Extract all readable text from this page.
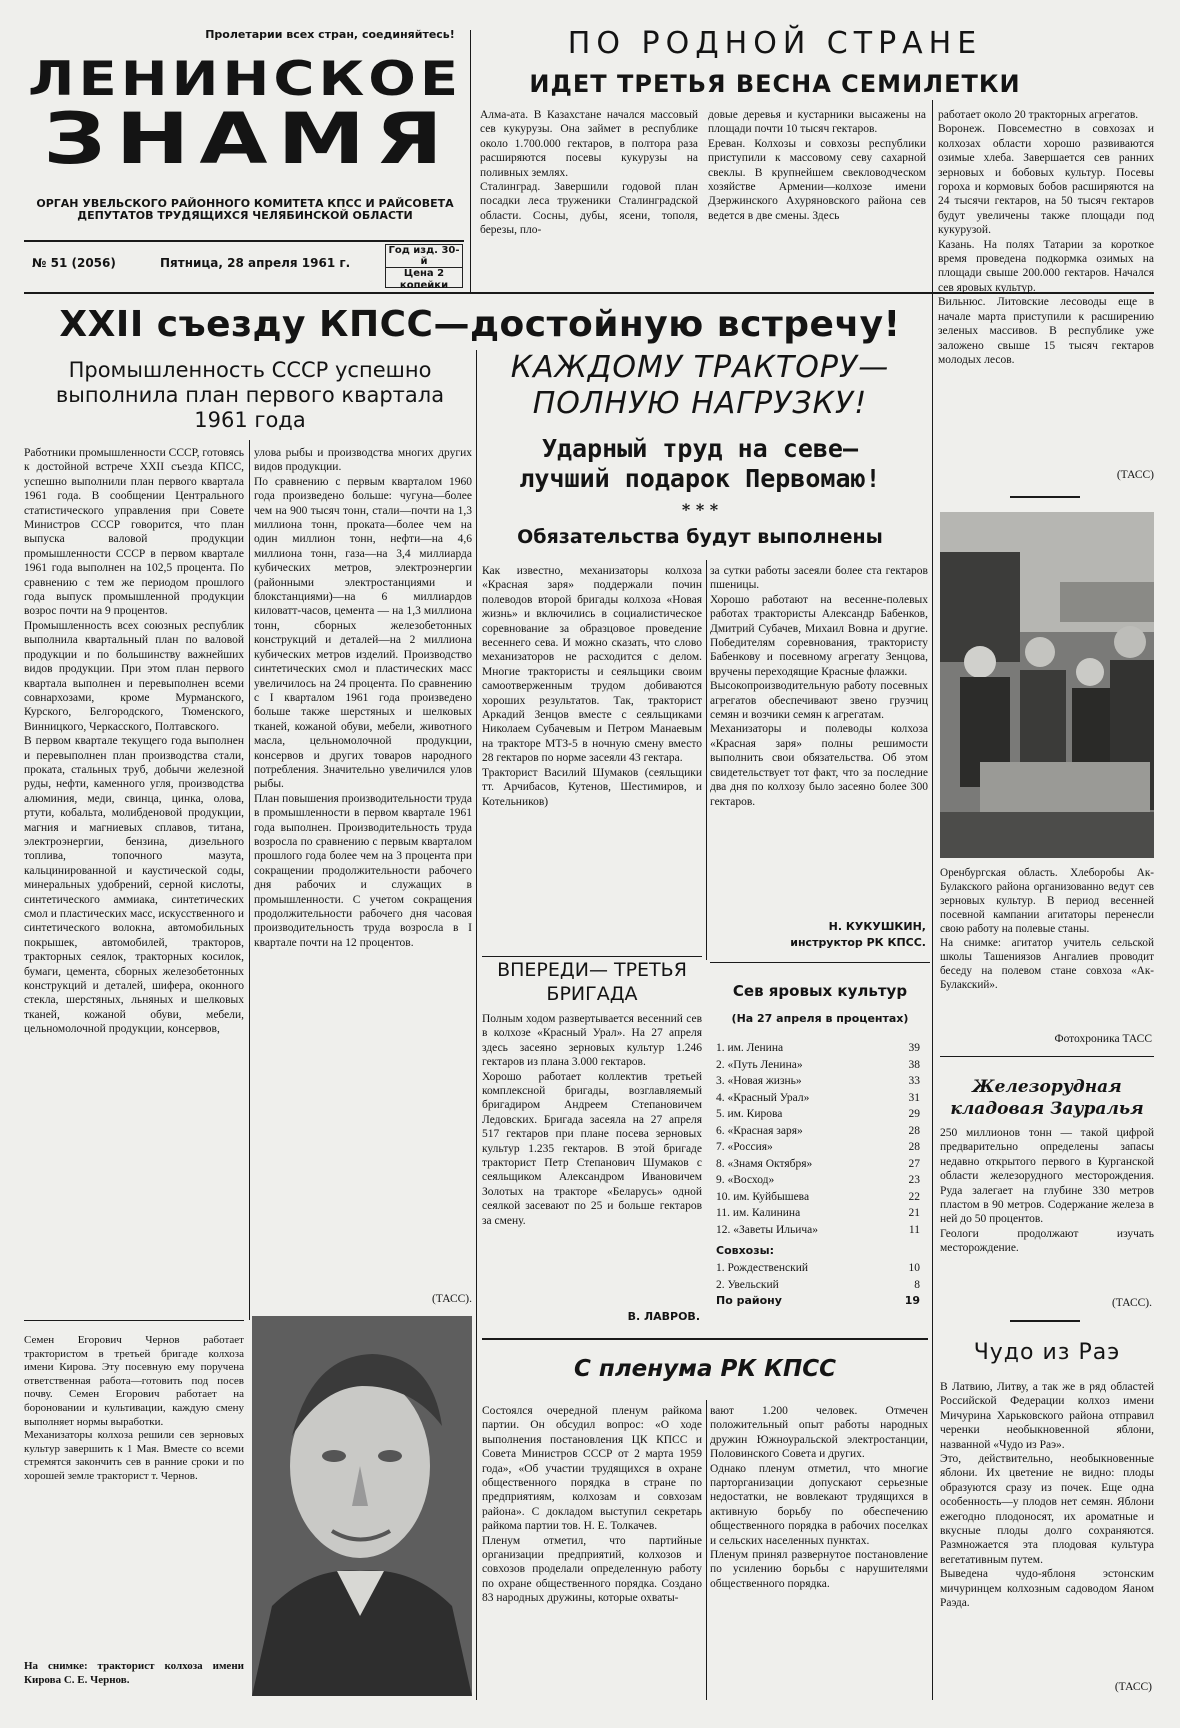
Пролетарии всех стран, соединяйтесь!
ЛЕНИНСКОЕ
ЗНАМЯ
ОРГАН УВЕЛЬСКОГО РАЙОННОГО КОМИТЕТА КПСС И РАЙСОВЕТА ДЕПУТАТОВ ТРУДЯЩИХСЯ ЧЕЛЯБИНСКОЙ ОБЛАСТИ
№ 51 (2056)	Пятница, 28 апреля 1961 г.
Год изд. 30-й
Цена 2 копейки
ПО РОДНОЙ СТРАНЕ
ИДЕТ ТРЕТЬЯ ВЕСНА СЕМИЛЕТКИ

Алма-ата. В Казахстане начался массовый сев кукурузы. Она займет в республике около 1.700.000 гектаров, в полтора раза расширяются посевы кукурузы на поливных землях.
Сталинград. Завершили годовой план посадки леса труженики Сталинградской области. Сосны, дубы, ясени, тополя, березы, пло-

довые деревья и кустарники высажены на площади почти 10 тысяч гектаров.
Ереван. Колхозы и совхозы республики приступили к массовому севу сахарной свеклы. В крупнейшем свекловодческом хозяйстве Армении—колхозе имени Дзержинского Ахуряновского района сев ведется в две смены. Здесь

работает около 20 тракторных агрегатов.
Воронеж. Повсеместно в совхозах и колхозах области хорошо развиваются озимые хлеба. Завершается сев ранних зерновых и бобовых культур. Посевы гороха и кормовых бобов расширяются на 24 тысячи гектаров, на 50 тысяч гектаров будут увеличены также площади под кукурузой.
Казань. На полях Татарии за короткое время проведена подкормка озимых на площади свыше 200.000 гектаров. Начался сев яровых культур.
Вильнюс. Литовские лесоводы еще в начале марта приступили к расширению зеленых массивов. В республике уже заложено свыше 15 тысяч гектаров молодых лесов.

(ТАСС)
XXII съезду КПСС—достойную встречу!
Промышленность СССР успешно выполнила план первого квартала 1961 года

Работники промышленности СССР, готовясь к достойной встрече XXII съезда КПСС, успешно выполнили план первого квартала 1961 года. В сообщении Центрального статистического управления при Совете Министров СССР говорится, что план выпуска валовой продукции промышленности СССР в первом квартале 1961 года выполнен на 102,5 процента. По сравнению с тем же периодом прошлого года выпуск промышленной продукции возрос почти на 9 процентов.
Промышленность всех союзных республик выполнила квартальный план по валовой продукции и по большинству важнейших видов продукции. При этом план первого квартала выполнен и перевыполнен всеми совнархозами, кроме Мурманского, Курского, Белгородского, Тюменского, Винницкого, Черкасского, Полтавского.
В первом квартале текущего года выполнен и перевыполнен план производства стали, проката, стальных труб, добычи железной руды, нефти, каменного угля, производства алюминия, меди, свинца, цинка, олова, ртути, кобальта, молибденовой продукции, магния и магниевых сплавов, титана, электроэнергии, бензина, дизельного топлива, топочного мазута, кальцинированной и каустической соды, минеральных удобрений, серной кислоты, синтетического аммиака, синтетических смол и пластических масс, искусственного и синтетического волокна, автомобильных покрышек, автомобилей, тракторов, тракторных сеялок, тракторных косилок, бумаги, цемента, сборных железобетонных конструкций и деталей, шифера, оконного стекла, шерстяных, льняных и шелковых тканей, кожаной обуви, мебели, цельномолочной продукции, консервов,

улова рыбы и производства многих других видов продукции.
По сравнению с первым кварталом 1960 года произведено больше: чугуна—более чем на 900 тысяч тонн, стали—почти на 1,3 миллиона тонн, проката—более чем на один миллион тонн, нефти—на 4,6 миллиона тонн, газа—на 3,4 миллиарда кубических метров, электроэнергии (районными электростанциями и блокстанциями)—на 6 миллиардов киловатт-часов, цемента — на 1,3 миллиона тонн, сборных железобетонных конструкций и деталей—на 2 миллиона кубических метров изделий. Производство синтетических смол и пластических масс увеличилось на 24 процента. По сравнению с I кварталом 1961 года произведено больше также шерстяных и шелковых тканей, кожаной обуви, мебели, животного масла, цельномолочной продукции, консервов и других товаров народного потребления. Значительно увеличился улов рыбы.
План повышения производительности труда в промышленности в первом квартале 1961 года выполнен. Производительность труда возросла по сравнению с первым кварталом прошлого года более чем на 3 процента при сокращении продолжительности рабочего дня рабочих и служащих в промышленности. С учетом сокращения продолжительности рабочего дня часовая производительность труда возросла в I квартале почти на 12 процентов.

(ТАСС).

Семен Егорович Чернов работает трактористом в третьей бригаде колхоза имени Кирова. Эту посевную ему поручена ответственная работа—готовить под посев почву. Семен Егорович работает на бороновании и культивации, каждую смену выполняет нормы выработки.
Механизаторы колхоза решили сев зерновых культур завершить к 1 Мая. Вместе со всеми стремятся закончить сев в ранние сроки и по хорошей земле тракторист т. Чернов.

На снимке: тракторист колхоза имени Кирова С. Е. Чернов.
КАЖДОМУ ТРАКТОРУ— ПОЛНУЮ НАГРУЗКУ!
Ударный труд на севе— лучший подарок Первомаю!
* * *
Обязательства будут выполнены

Как известно, механизаторы колхоза «Красная заря» поддержали почин полеводов второй бригады колхоза «Новая жизнь» и включились в социалистическое соревнование за образцовое проведение весеннего сева. И можно сказать, что слово механизаторов не расходится с делом. Многие трактористы и сеяльщики своим самоотверженным трудом добиваются хороших результатов. Так, тракторист Аркадий Зенцов вместе с сеяльщиками Николаем Субачевым и Петром Манаевым на тракторе МТЗ-5 в ночную смену вместо 28 гектаров по норме засеяли 43 гектара.
Тракторист Василий Шумаков (сеяльщики тт. Арчибасов, Кутенов, Шестимиров, и Котельников)

за сутки работы засеяли более ста гектаров пшеницы.
Хорошо работают на весенне-полевых работах трактористы Александр Бабенков, Дмитрий Субачев, Михаил Вовна и другие. Победителям соревнования, трактористу Бабенкову и посевному агрегату Зенцова, вручены переходящие Красные флажки.
Высокопроизводительную работу посевных агрегатов обеспечивают звено грузчиц семян и возчики семян к агрегатам.
Механизаторы и полеводы колхоза «Красная заря» полны решимости выполнить свои обязательства. Об этом свидетельствует тот факт, что за последние два дня по колхозу было засеяно более 300 гектаров.

Н. КУКУШКИН,
инструктор РК КПСС.
ВПЕРЕДИ— ТРЕТЬЯ БРИГАДА

Полным ходом развертывается весенний сев в колхозе «Красный Урал». На 27 апреля здесь засеяно зерновых культур 1.246 гектаров из плана 3.000 гектаров.
Хорошо работает коллектив третьей комплексной бригады, возглавляемый бригадиром Андреем Степановичем Ледовских. Бригада засеяла на 27 апреля 517 гектаров при плане посева зерновых культур 1.235 гектаров. В этой бригаде тракторист Петр Степанович Шумаков с сеяльщиком Александром Ивановичем Золотых на тракторе «Беларусь» одной сеялкой засевают по 25 и больше гектаров за смену.

В. ЛАВРОВ.
Сев яровых культур
(На 27 апреля в процентах)
1. им. Ленина	39
2. «Путь Ленина»	38
3. «Новая жизнь»	33
4. «Красный Урал»	31
5. им. Кирова	29
6. «Красная заря»	28
7. «Россия»	28
8. «Знамя Октября»	27
9. «Восход»	23
10. им. Куйбышева	22
11. им. Калинина	21
12. «Заветы Ильича»	11
Совхозы:
1. Рождественский	10
2. Увельский	8
По району	19
С пленума РК КПСС

Состоялся очередной пленум райкома партии. Он обсудил вопрос: «О ходе выполнения постановления ЦК КПСС и Совета Министров СССР от 2 марта 1959 года», «Об участии трудящихся в охране общественного порядка в стране по предприятиям, колхозам и совхозам района». С докладом выступил секретарь райкома партии тов. Н. Е. Толкачев.
Пленум отметил, что партийные организации предприятий, колхозов и совхозов проделали определенную работу по охране общественного порядка. Создано 83 народных дружины, которые охваты-

вают 1.200 человек. Отмечен положительный опыт работы народных дружин Южноуральской электростанции, Половинского Совета и других.
Однако пленум отметил, что многие парторганизации допускают серьезные недостатки, не вовлекают трудящихся в активную борьбу по обеспечению общественного порядка в рабочих поселках и сельских населенных пунктах.
Пленум принял развернутое постановление по усилению борьбы с нарушителями общественного порядка.

Оренбургская область. Хлеборобы Ак-Булакского района организованно ведут сев зерновых культур. В период весенней посевной кампании агитаторы перенесли свою работу на полевые станы.
На снимке: агитатор учитель сельской школы Ташениязов Ангалиев проводит беседу на полевом стане совхоза «Ак-Булакский».

Фотохроника ТАСС
Железорудная кладовая Зауралья

250 миллионов тонн — такой цифрой предварительно определены запасы недавно открытого первого в Курганской области железорудного месторождения. Руда залегает на глубине 330 метров пластом в 90 метров. Содержание железа в ней до 50 процентов.
Геологи продолжают изучать месторождение.

(ТАСС).
Чудо из Раэ

В Латвию, Литву, а так же в ряд областей Российской Федерации колхоз имени Мичурина Харьковского района отправил черенки необыкновенной яблони, названной «Чудо из Раэ».
Это, действительно, необыкновенные яблони. Их цветение не видно: плоды образуются сразу из почек. Еще одна особенность—у плодов нет семян. Яблони ежегодно плодоносят, их ароматные и вкусные плоды долго сохраняются. Размножается эта плодовая культура вегетативным путем.
Выведена чудо-яблоня эстонским мичуринцем колхозным садоводом Яаном Раэда.

(ТАСС)
